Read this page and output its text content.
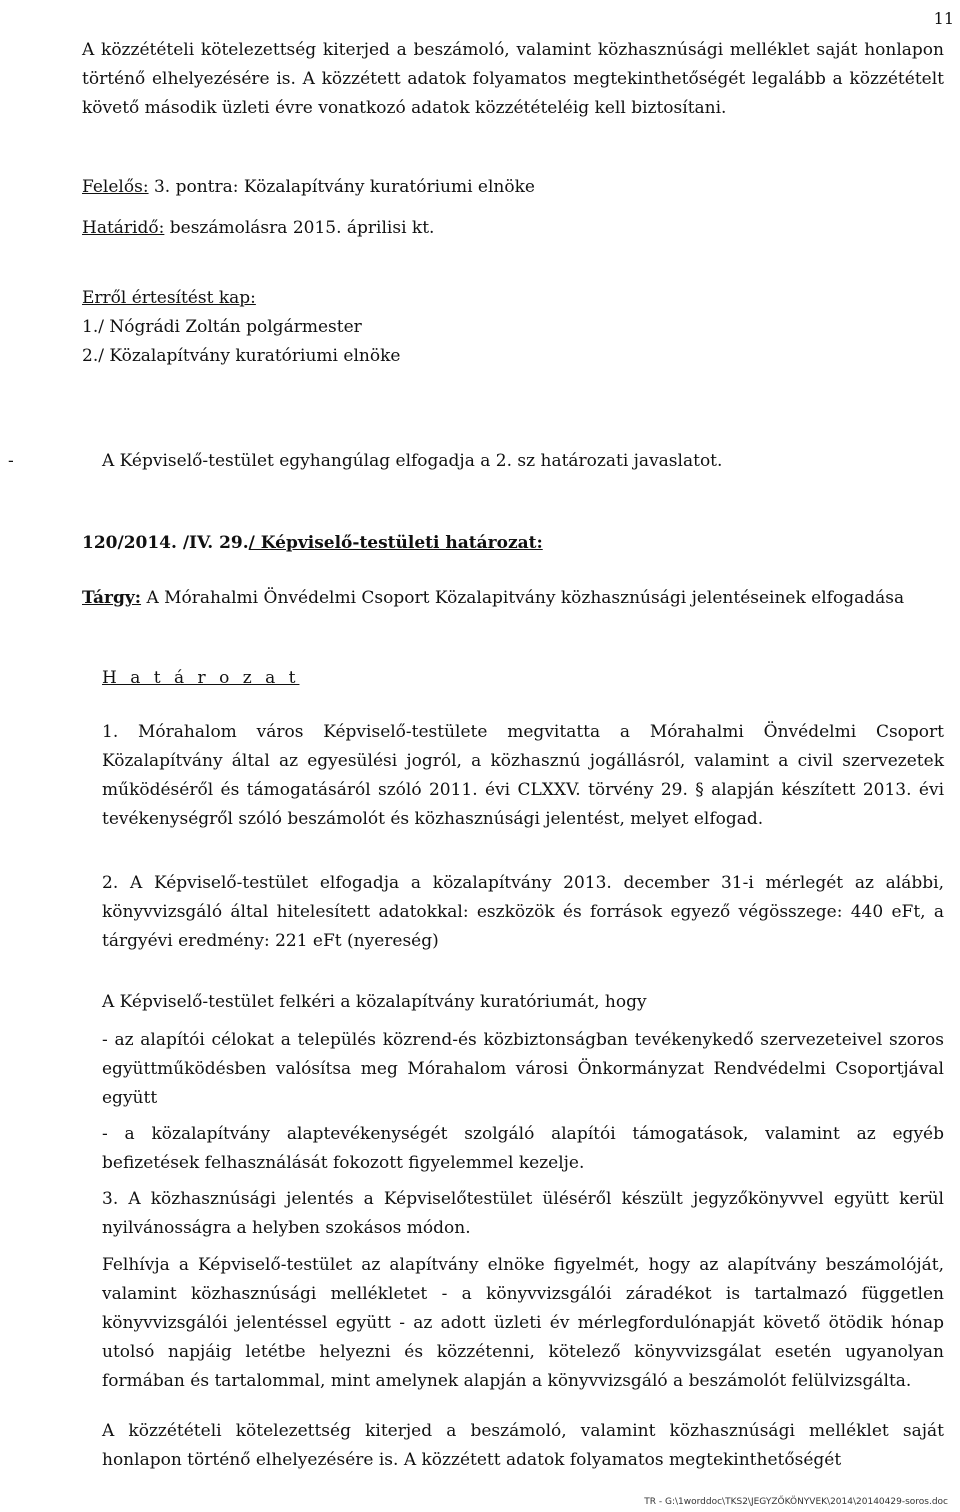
11

A közzétételi kötelezettség kiterjed a beszámoló, valamint közhasznúsági melléklet saját honlapon történő elhelyezésére is. A közzétett adatok folyamatos megtekinthetőségét legalább a közzétételt követő második üzleti évre vonatkozó adatok közzétételéig kell biztosítani.

Felelős: 3. pontra: Közalapítvány kuratóriumi elnöke

Határidő: beszámolásra 2015. áprilisi kt.

Erről értesítést kap:

1./ Nógrádi Zoltán polgármester

2./ Közalapítvány kuratóriumi elnöke

-	A Képviselő-testület egyhangúlag elfogadja a 2. sz határozati javaslatot.

120/2014. /IV. 29./ Képviselő-testületi határozat:

Tárgy: A Mórahalmi Önvédelmi Csoport Közalapitvány közhasznúsági jelentéseinek elfogadása

H a t á r o z a t

1. Mórahalom város Képviselő-testülete megvitatta a Mórahalmi Önvédelmi Csoport Közalapítvány által az egyesülési jogról, a közhasznú jogállásról, valamint a civil szervezetek működéséről és támogatásáról szóló 2011. évi CLXXV. törvény 29. § alapján készített 2013. évi tevékenységről szóló beszámolót és közhasznúsági jelentést, melyet elfogad.

2. A Képviselő-testület elfogadja a közalapítvány 2013. december 31-i mérlegét az alábbi, könyvvizsgáló által hitelesített adatokkal: eszközök és források egyező végösszege: 440 eFt, a tárgyévi eredmény: 221 eFt (nyereség)

A Képviselő-testület felkéri a közalapítvány kuratóriumát, hogy

- az alapítói célokat a település közrend-és közbiztonságban tevékenykedő szervezeteivel szoros együttműködésben valósítsa meg Mórahalom városi Önkormányzat Rendvédelmi Csoportjával együtt

- a közalapítvány alaptevékenységét szolgáló alapítói támogatások, valamint az egyéb befizetések felhasználását fokozott figyelemmel kezelje.

3. A közhasznúsági jelentés a Képviselőtestület üléséről készült jegyzőkönyvvel együtt kerül nyilvánosságra a helyben szokásos módon.

Felhívja a Képviselő-testület az alapítvány elnöke figyelmét, hogy az alapítvány beszámolóját, valamint közhasznúsági mellékletet - a könyvvizsgálói záradékot is tartalmazó független könyvvizsgálói jelentéssel együtt - az adott üzleti év mérlegfordulónapját követő ötödik hónap utolsó napjáig letétbe helyezni és közzétenni, kötelező könyvvizsgálat esetén ugyanolyan formában és tartalommal, mint amelynek alapján a könyvvizsgáló a beszámolót felülvizsgálta.

A közzétételi kötelezettség kiterjed a beszámoló, valamint közhasznúsági melléklet saját honlapon történő elhelyezésére is. A közzétett adatok folyamatos megtekinthetőségét

TR - G:\1worddoc\TKS2\JEGYZŐKÖNYVEK\2014\20140429-soros.doc
